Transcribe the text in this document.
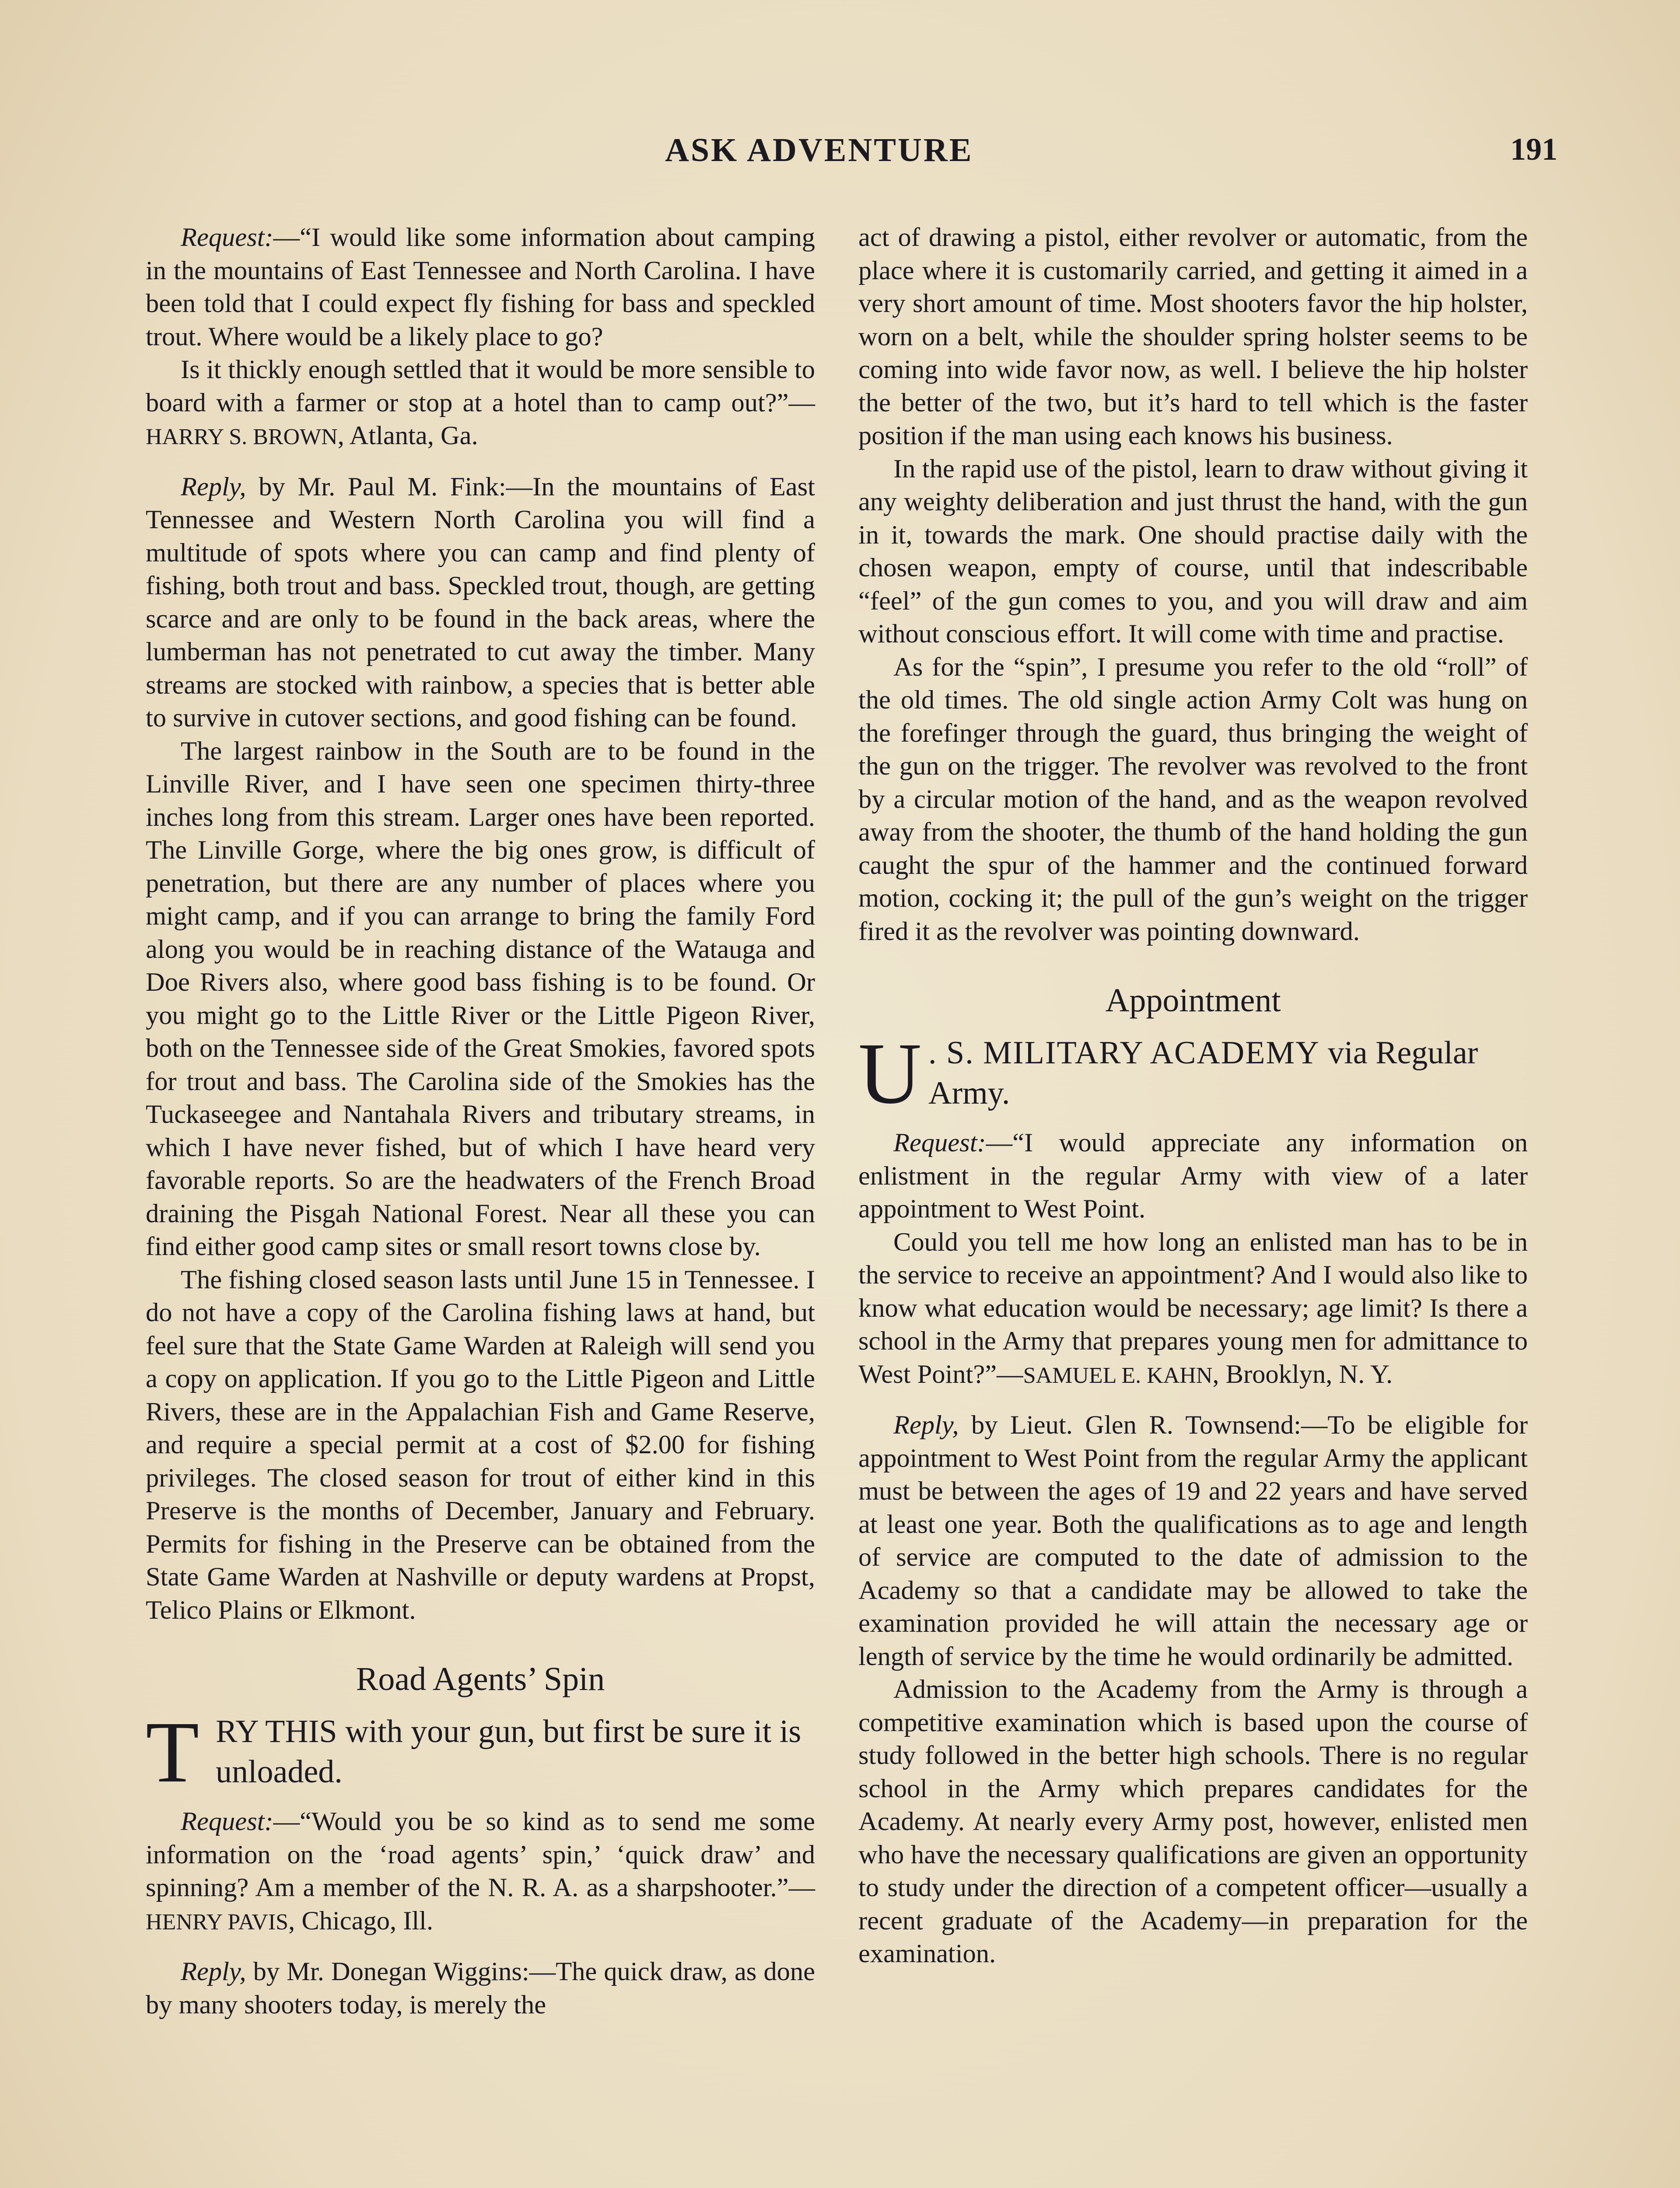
ASK ADVENTURE	191

Request:—“I would like some information about camping in the mountains of East Tennessee and North Carolina. I have been told that I could expect fly fishing for bass and speckled trout. Where would be a likely place to go?

Is it thickly enough settled that it would be more sensible to board with a farmer or stop at a hotel than to camp out?”—HARRY S. BROWN, Atlanta, Ga.

Reply, by Mr. Paul M. Fink:—In the mountains of East Tennessee and Western North Carolina you will find a multitude of spots where you can camp and find plenty of fishing, both trout and bass. Speckled trout, though, are getting scarce and are only to be found in the back areas, where the lumberman has not penetrated to cut away the timber. Many streams are stocked with rainbow, a species that is better able to survive in cutover sections, and good fishing can be found.

The largest rainbow in the South are to be found in the Linville River, and I have seen one specimen thirty-three inches long from this stream. Larger ones have been reported. The Linville Gorge, where the big ones grow, is difficult of penetration, but there are any number of places where you might camp, and if you can arrange to bring the family Ford along you would be in reaching distance of the Watauga and Doe Rivers also, where good bass fishing is to be found. Or you might go to the Little River or the Little Pigeon River, both on the Tennessee side of the Great Smokies, favored spots for trout and bass. The Carolina side of the Smokies has the Tuckaseegee and Nantahala Rivers and tributary streams, in which I have never fished, but of which I have heard very favorable reports. So are the headwaters of the French Broad draining the Pisgah National Forest. Near all these you can find either good camp sites or small resort towns close by.

The fishing closed season lasts until June 15 in Tennessee. I do not have a copy of the Carolina fishing laws at hand, but feel sure that the State Game Warden at Raleigh will send you a copy on application. If you go to the Little Pigeon and Little Rivers, these are in the Appalachian Fish and Game Reserve, and require a special permit at a cost of $2.00 for fishing privileges. The closed season for trout of either kind in this Preserve is the months of December, January and February. Permits for fishing in the Preserve can be obtained from the State Game Warden at Nashville or deputy wardens at Propst, Telico Plains or Elkmont.

Road Agents’ Spin

T RY THIS with your gun, but first be sure it is unloaded.

Request:—“Would you be so kind as to send me some information on the ‘road agents’ spin,’ ‘quick draw’ and spinning? Am a member of the N. R. A. as a sharpshooter.”—HENRY PAVIS, Chicago, Ill.

Reply, by Mr. Donegan Wiggins:—The quick draw, as done by many shooters today, is merely the

act of drawing a pistol, either revolver or automatic, from the place where it is customarily carried, and getting it aimed in a very short amount of time. Most shooters favor the hip holster, worn on a belt, while the shoulder spring holster seems to be coming into wide favor now, as well. I believe the hip holster the better of the two, but it’s hard to tell which is the faster position if the man using each knows his business.

In the rapid use of the pistol, learn to draw without giving it any weighty deliberation and just thrust the hand, with the gun in it, towards the mark. One should practise daily with the chosen weapon, empty of course, until that indescribable “feel” of the gun comes to you, and you will draw and aim without conscious effort. It will come with time and practise.

As for the “spin”, I presume you refer to the old “roll” of the old times. The old single action Army Colt was hung on the forefinger through the guard, thus bringing the weight of the gun on the trigger. The revolver was revolved to the front by a circular motion of the hand, and as the weapon revolved away from the shooter, the thumb of the hand holding the gun caught the spur of the hammer and the continued forward motion, cocking it; the pull of the gun’s weight on the trigger fired it as the revolver was pointing downward.

Appointment

U . S. MILITARY ACADEMY via Regular Army.

Request:—“I would appreciate any information on enlistment in the regular Army with view of a later appointment to West Point.

Could you tell me how long an enlisted man has to be in the service to receive an appointment? And I would also like to know what education would be necessary; age limit? Is there a school in the Army that prepares young men for admittance to West Point?”—SAMUEL E. KAHN, Brooklyn, N. Y.

Reply, by Lieut. Glen R. Townsend:—To be eligible for appointment to West Point from the regular Army the applicant must be between the ages of 19 and 22 years and have served at least one year. Both the qualifications as to age and length of service are computed to the date of admission to the Academy so that a candidate may be allowed to take the examination provided he will attain the necessary age or length of service by the time he would ordinarily be admitted.

Admission to the Academy from the Army is through a competitive examination which is based upon the course of study followed in the better high schools. There is no regular school in the Army which prepares candidates for the Academy. At nearly every Army post, however, enlisted men who have the necessary qualifications are given an opportunity to study under the direction of a competent officer—usually a recent graduate of the Academy—in preparation for the examination.
